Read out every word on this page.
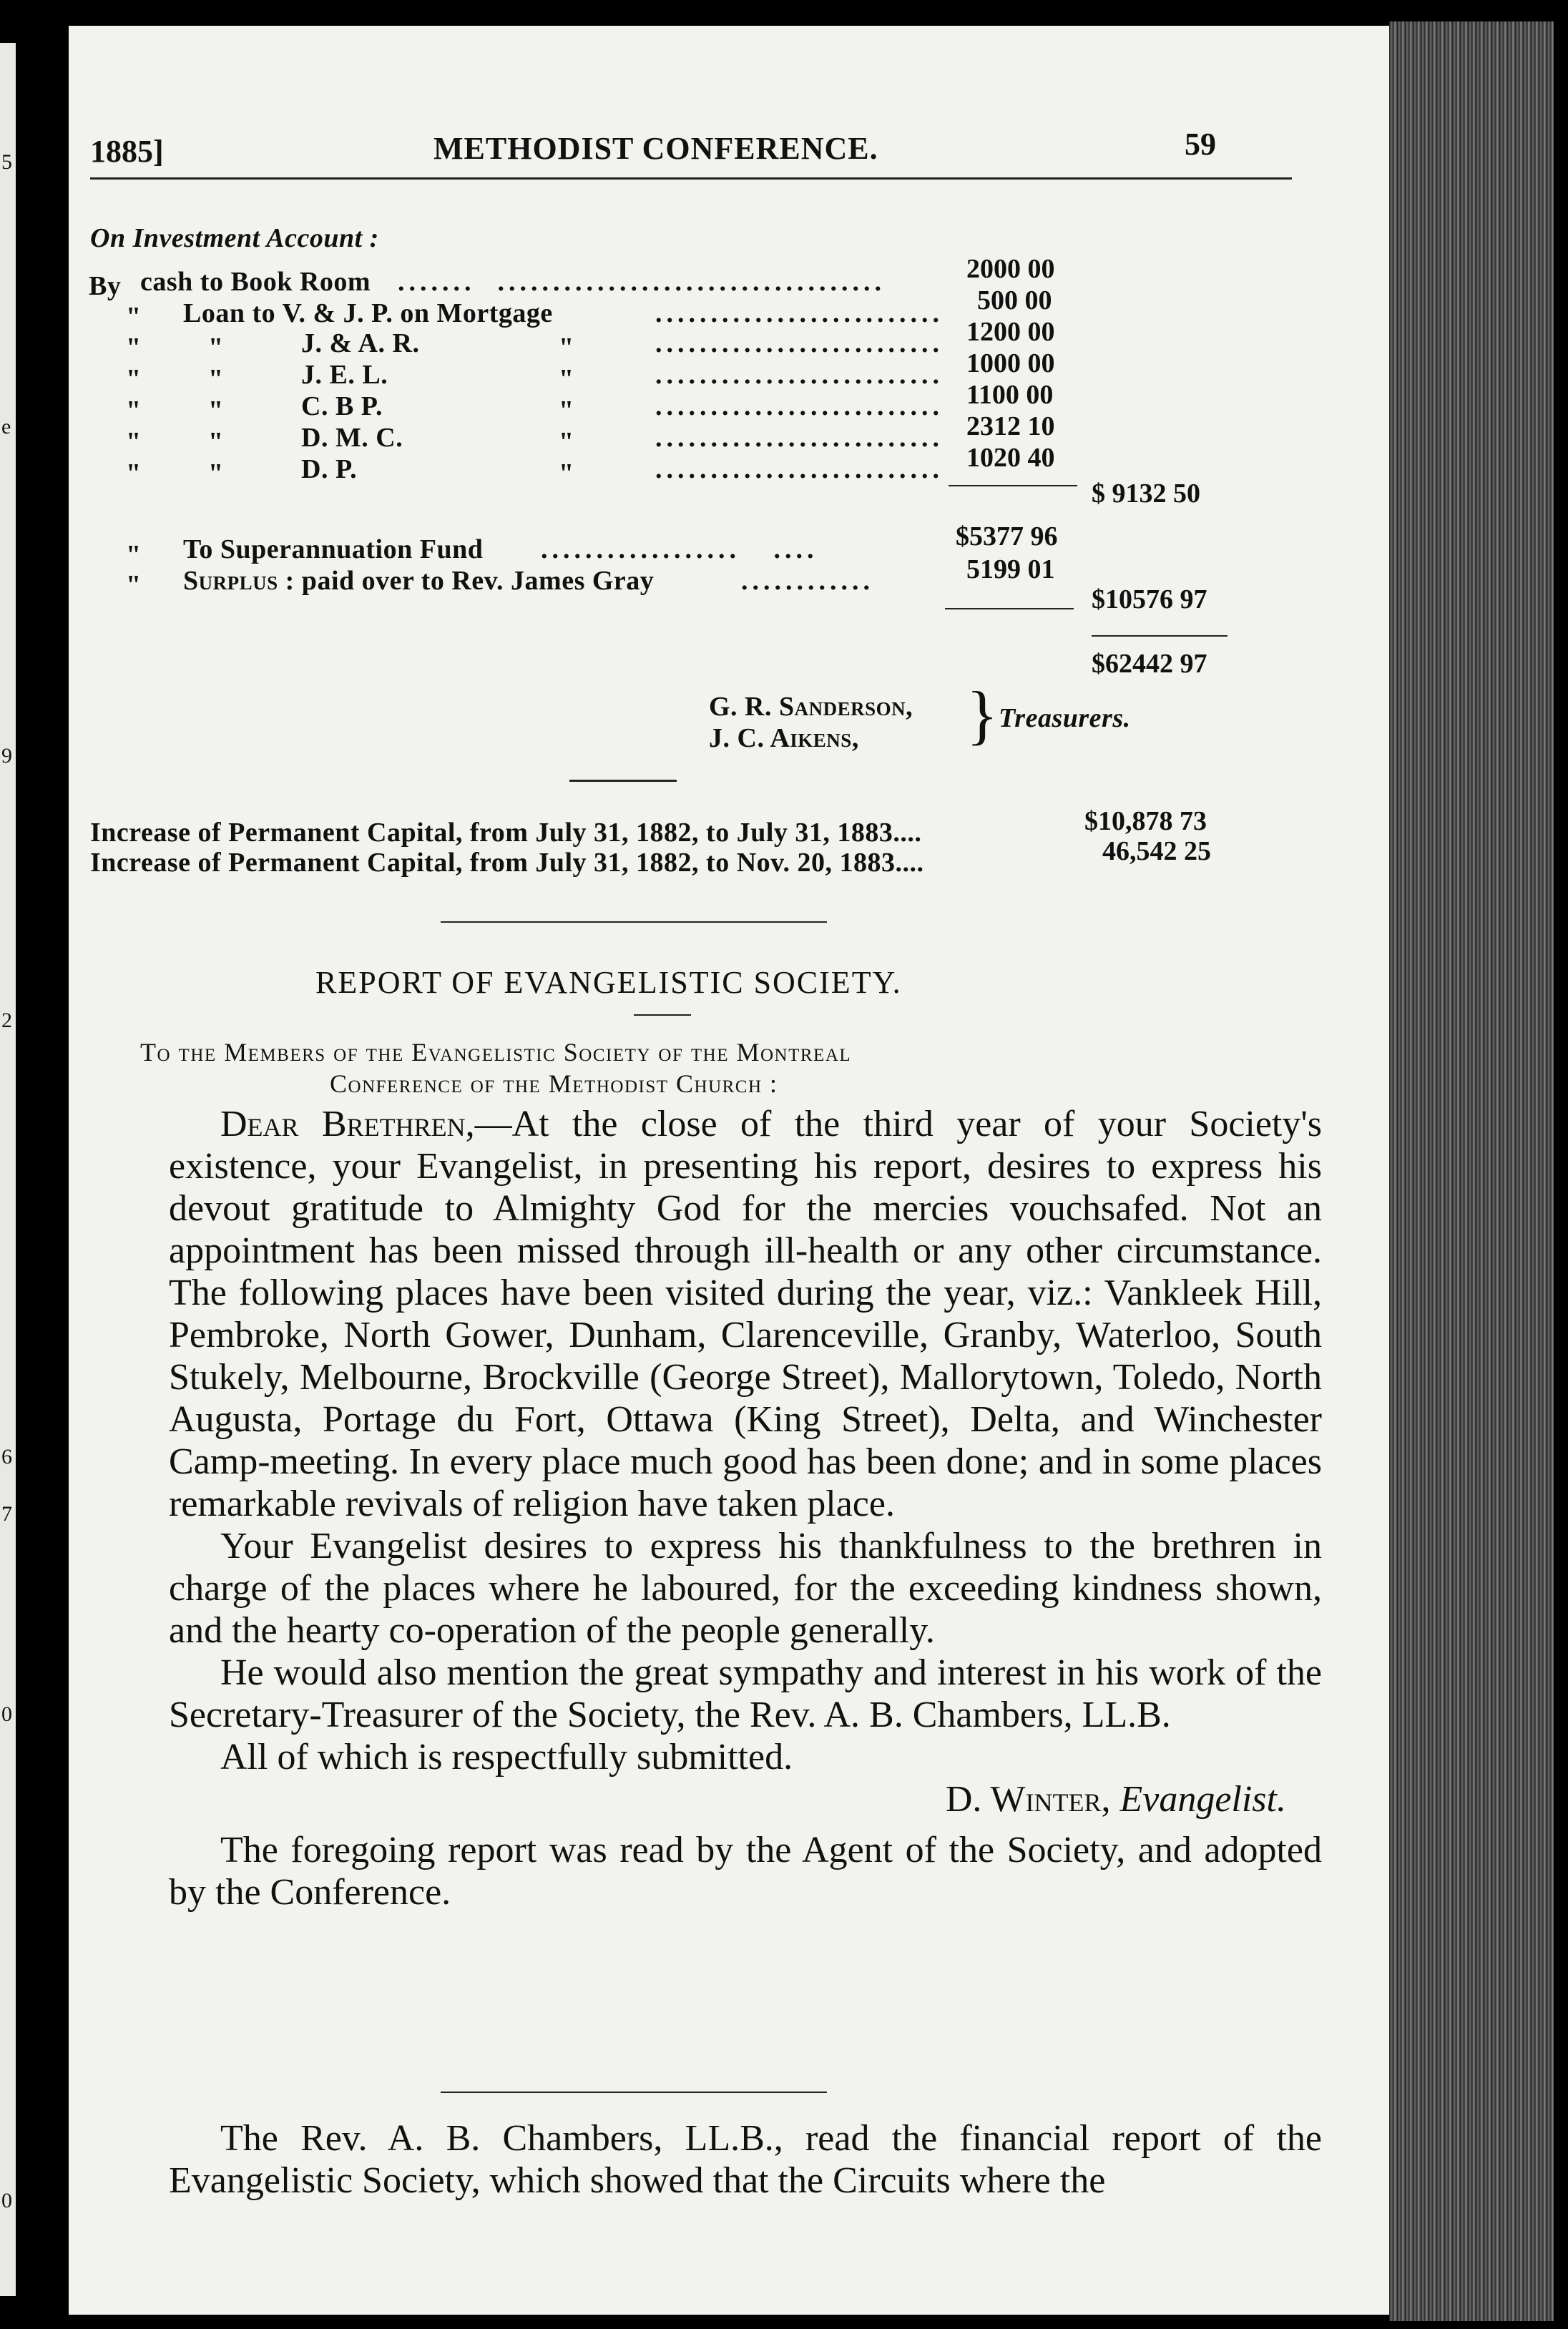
5
e
9
2
6
7
0
0
1885]	METHODIST CONFERENCE.	59
On Investment Account :
By cash to Book Room .......  ...................................	2000 00
" Loan to V. & J. P. on Mortgage	.......................... 500 00
" "	J. & A. R.	"	.......................... 1200 00
" "	J. E. L.	"	.......................... 1000 00
" "	C. B P.	"	.......................... 1100 00
" "	D. M. C.	"	.......................... 2312 10
" "	D. P.	"	.......................... 1020 40
$ 9132 50
" To Superannuation Fund ..................   ....	$5377 96
" Surplus : paid over to Rev. James Gray	............	5199 01
$10576 97
$62442 97
G. R. Sanderson,
J. C. Aikens, } Treasurers.
Increase of Permanent Capital, from July 31, 1882, to July 31, 1883....	$10,878 73
Increase of Permanent Capital, from July 31, 1882, to Nov. 20, 1883....	46,542 25
REPORT OF EVANGELISTIC SOCIETY.
To the Members of the Evangelistic Society of the Montreal
Conference of the Methodist Church :

Dear Brethren,—At the close of the third year of your Society's existence, your Evangelist, in presenting his report, desires to express his devout gratitude to Almighty God for the mercies vouchsafed. Not an appointment has been missed through ill-health or any other circumstance. The following places have been visited during the year, viz.: Vankleek Hill, Pembroke, North Gower, Dunham, Clarenceville, Granby, Waterloo, South Stukely, Melbourne, Brockville (George Street), Mallorytown, Toledo, North Augusta, Portage du Fort, Ottawa (King Street), Delta, and Winchester Camp-meeting. In every place much good has been done; and in some places remarkable revivals of religion have taken place.

Your Evangelist desires to express his thankfulness to the brethren in charge of the places where he laboured, for the exceeding kindness shown, and the hearty co-operation of the people generally.

He would also mention the great sympathy and interest in his work of the Secretary-Treasurer of the Society, the Rev. A. B. Chambers, LL.B.

All of which is respectfully submitted.

D. Winter, Evangelist.

The foregoing report was read by the Agent of the Society, and adopted by the Conference.

The Rev. A. B. Chambers, LL.B., read the financial report of the Evangelistic Society, which showed that the Circuits where the
